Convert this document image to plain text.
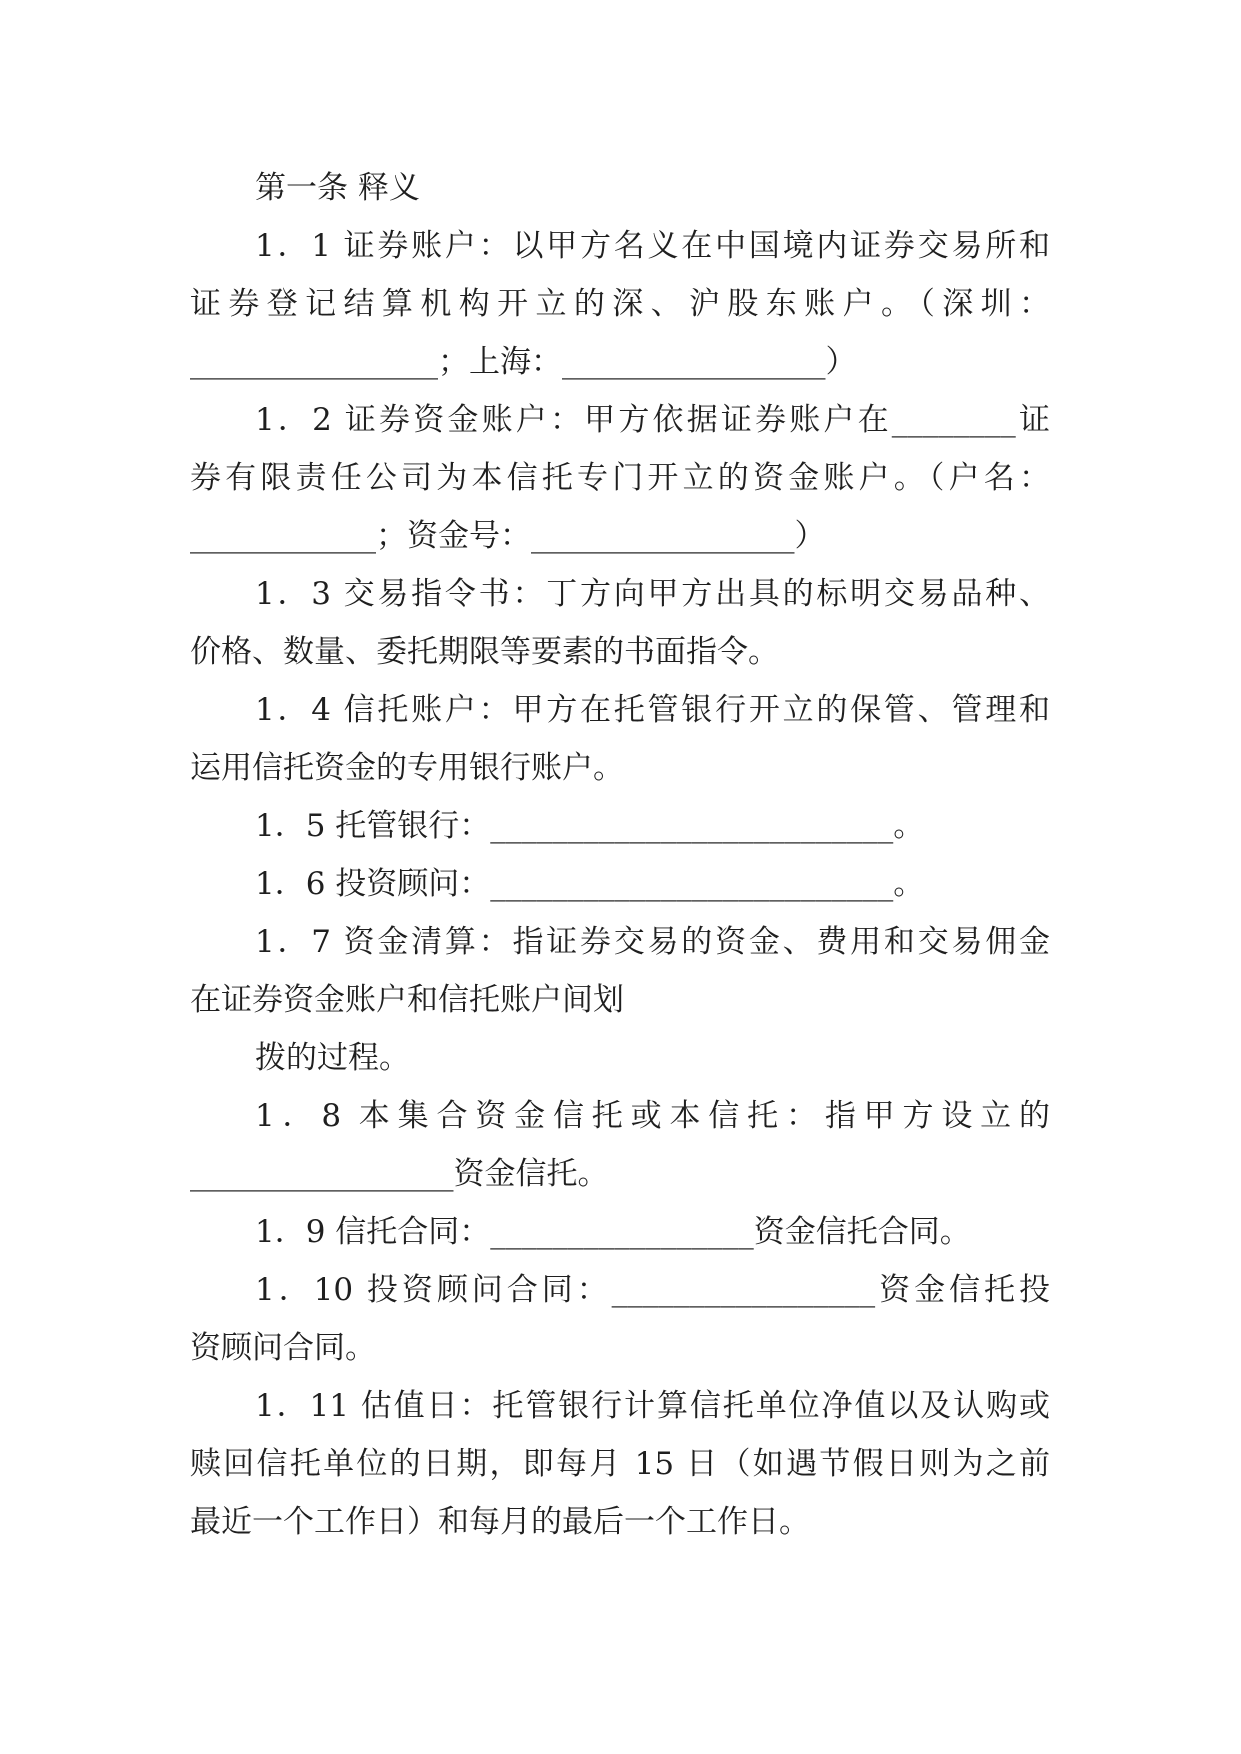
第一条 释义
1．1 证券账户：以甲方名义在中国境内证券交易所和
证券登记结算机构开立的深、沪股东账户。（深圳：
________________；上海：_________________）
1．2 证券资金账户：甲方依据证券账户在________证
券有限责任公司为本信托专门开立的资金账户。（户名：
____________；资金号：_________________）
1．3 交易指令书：丁方向甲方出具的标明交易品种、
价格、数量、委托期限等要素的书面指令。
1．4 信托账户：甲方在托管银行开立的保管、管理和
运用信托资金的专用银行账户。
1．5 托管银行：__________________________。
1．6 投资顾问：__________________________。
1．7 资金清算：指证券交易的资金、费用和交易佣金
在证券资金账户和信托账户间划
拨的过程。
1．8 本集合资金信托或本信托：指甲方设立的
_________________资金信托。
1．9 信托合同：_________________资金信托合同。
1．10 投资顾问合同：_________________资金信托投
资顾问合同。
1．11 估值日：托管银行计算信托单位净值以及认购或
赎回信托单位的日期，即每月 15 日（如遇节假日则为之前
最近一个工作日）和每月的最后一个工作日。
